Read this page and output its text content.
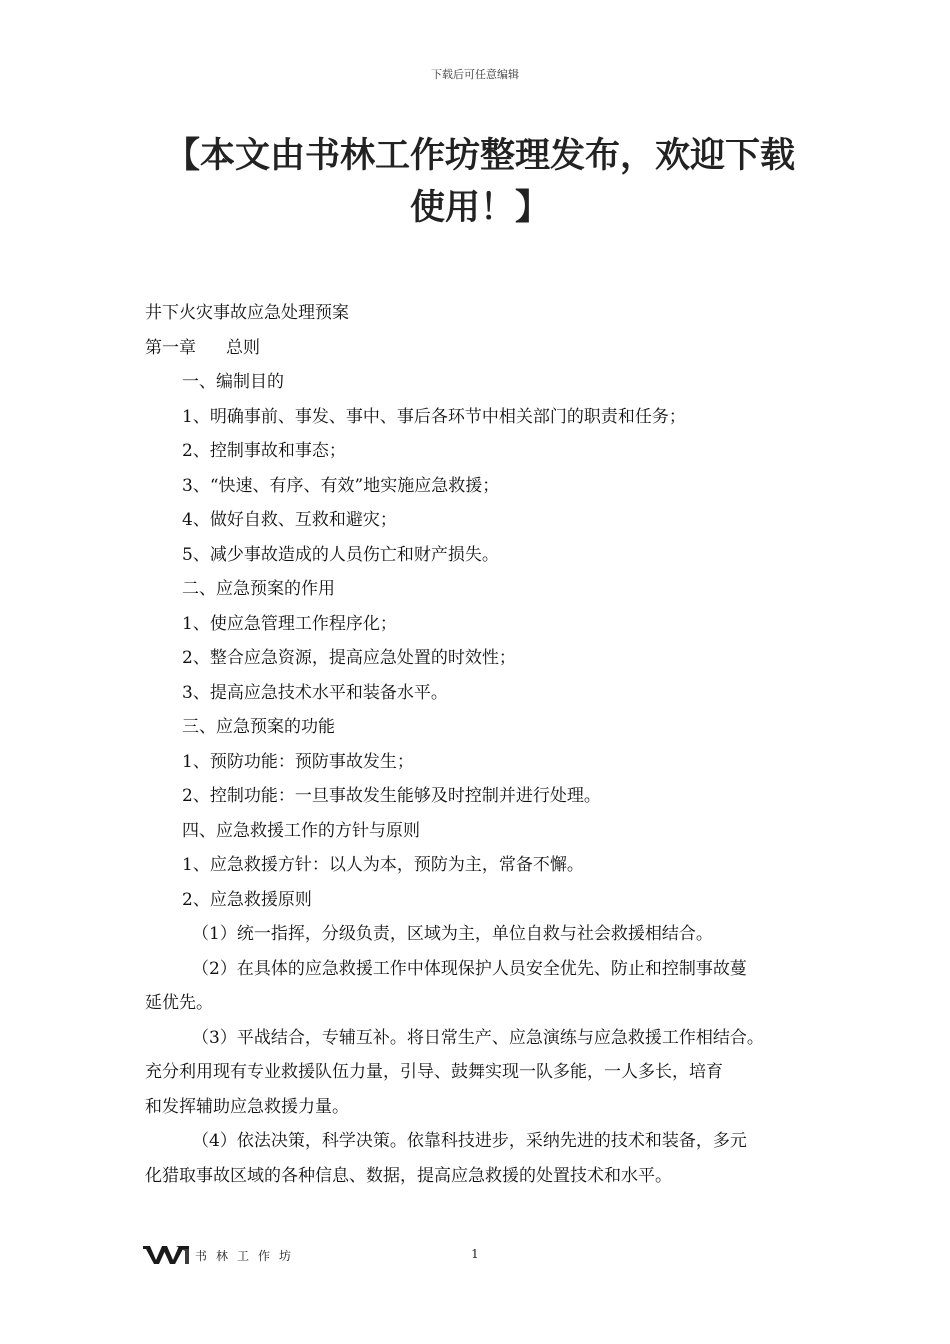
下载后可任意编辑
【本文由书林工作坊整理发布，欢迎下载
使用！】

井下火灾事故应急处理预案

第一章 总则

一、编制目的

1、明确事前、事发、事中、事后各环节中相关部门的职责和任务；

2、控制事故和事态；

3、“快速、有序、有效”地实施应急救援；

4、做好自救、互救和避灾；

5、减少事故造成的人员伤亡和财产损失。

二、应急预案的作用

1、使应急管理工作程序化；

2、整合应急资源，提高应急处置的时效性；

3、提高应急技术水平和装备水平。

三、应急预案的功能

1、预防功能：预防事故发生；

2、控制功能：一旦事故发生能够及时控制并进行处理。

四、应急救援工作的方针与原则

1、应急救援方针：以人为本，预防为主，常备不懈。

2、应急救援原则

（1）统一指挥，分级负责，区域为主，单位自救与社会救援相结合。

（2）在具体的应急救援工作中体现保护人员安全优先、防止和控制事故蔓

延优先。

（3）平战结合，专辅互补。将日常生产、应急演练与应急救援工作相结合。

充分利用现有专业救援队伍力量，引导、鼓舞实现一队多能，一人多长，培育

和发挥辅助应急救援力量。

（4）依法决策，科学决策。依靠科技进步，采纳先进的技术和装备，多元

化猎取事故区域的各种信息、数据，提高应急救援的处置技术和水平。

书林工作坊	1
